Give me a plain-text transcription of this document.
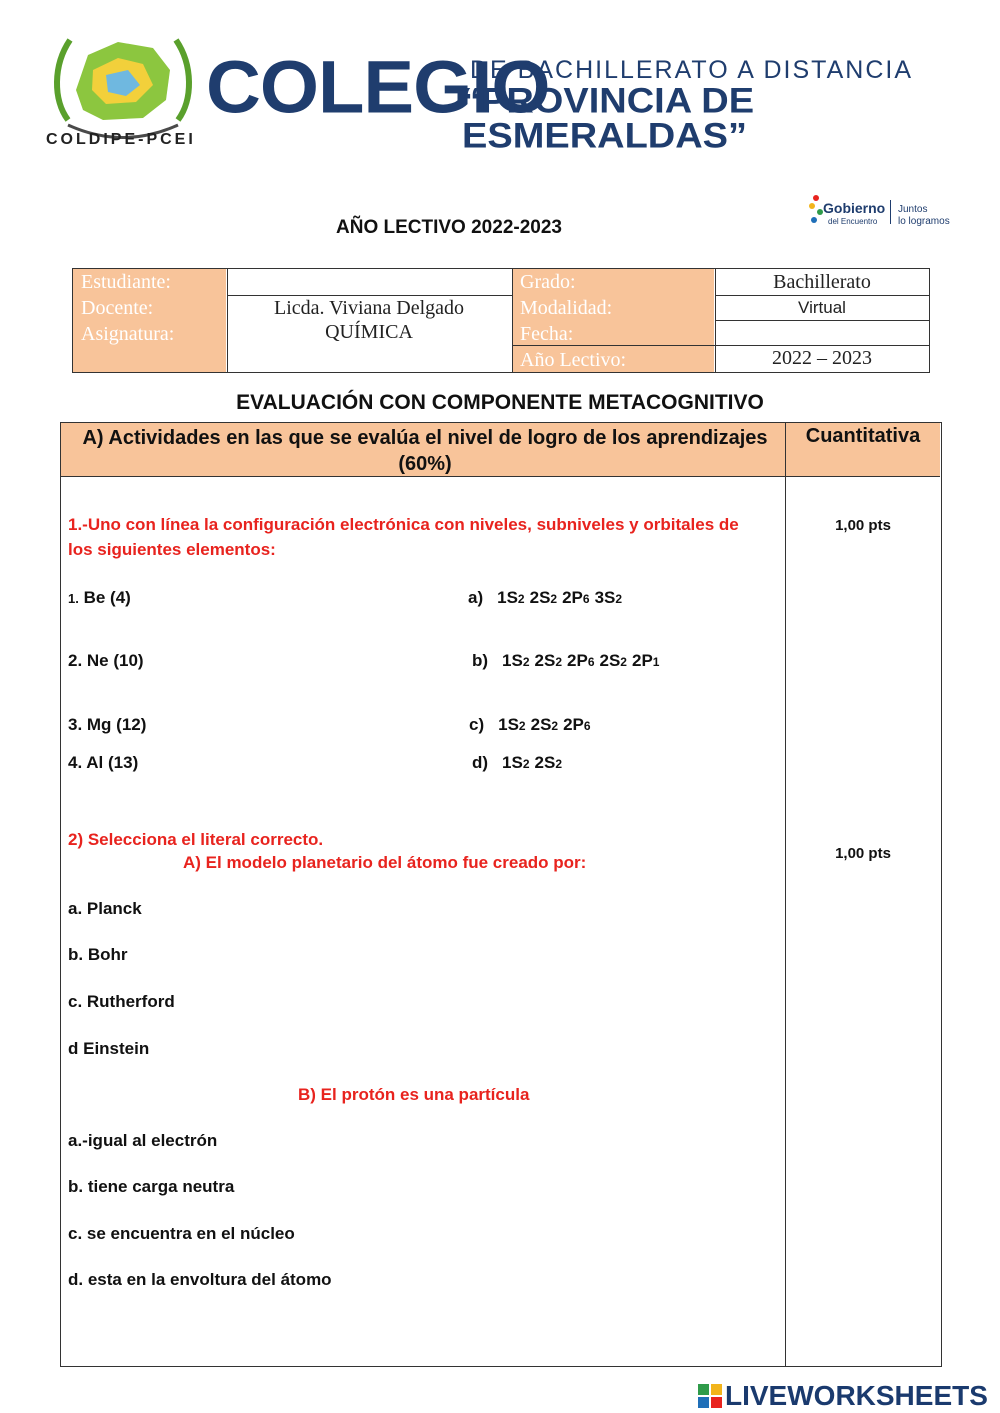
COLDIPE-PCEI
COLEGIO
DE BACHILLERATO A DISTANCIA
“PROVINCIA DE ESMERALDAS”
Gobierno
del Encuentro
Juntos
lo logramos
AÑO LECTIVO 2022-2023
Estudiante:
Docente:
Asignatura:
Grado:
Modalidad:
Fecha:
Año Lectivo:
Licda. Viviana Delgado
QUÍMICA
Bachillerato
Virtual
2022 – 2023
EVALUACIÓN CON COMPONENTE METACOGNITIVO
A) Actividades en las que se evalúa el nivel de logro de los aprendizajes (60%)
Cuantitativa
1.-Uno con línea la configuración electrónica con niveles, subniveles y orbitales de los siguientes elementos:
1,00 pts
1. Be (4)
2. Ne (10)
3. Mg (12)
4. Al (13)
a) 1S2 2S2 2P6 3S2
b) 1S2 2S2 2P6 2S2 2P1
c) 1S2 2S2 2P6
d) 1S2 2S2
2) Selecciona el literal correcto.
1,00 pts
A) El modelo planetario del átomo fue creado por:
a. Planck
b. Bohr
c. Rutherford
d Einstein
B) El protón es una partícula
a.-igual al electrón
b. tiene carga neutra
c. se encuentra en el núcleo
d. esta en la envoltura del átomo
LIVEWORKSHEETS
